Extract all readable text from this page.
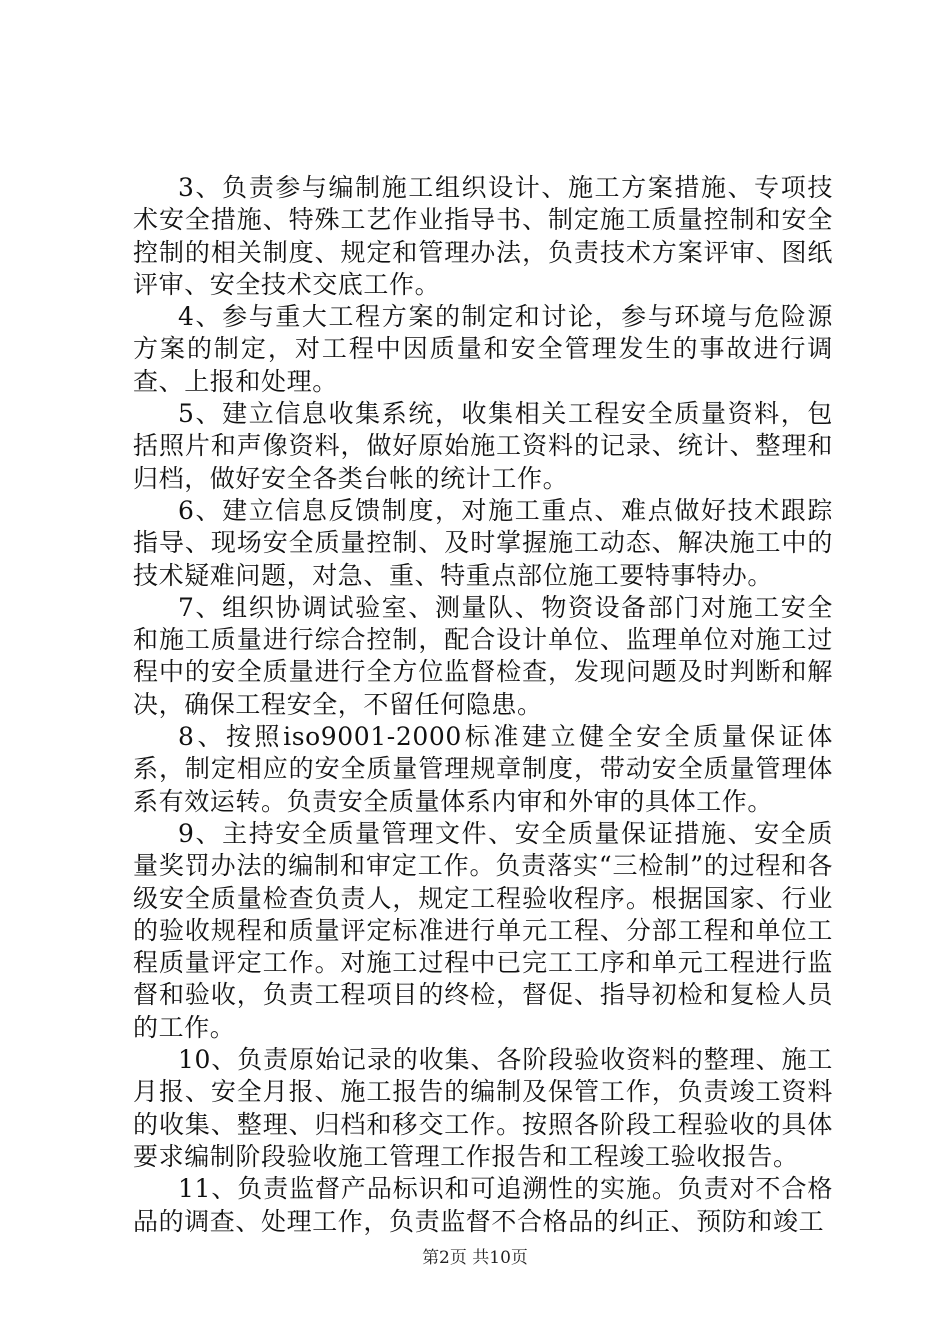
3、负责参与编制施工组织设计、施工方案措施、专项技术安全措施、特殊工艺作业指导书、制定施工质量控制和安全控制的相关制度、规定和管理办法，负责技术方案评审、图纸评审、安全技术交底工作。

4、参与重大工程方案的制定和讨论，参与环境与危险源方案的制定，对工程中因质量和安全管理发生的事故进行调查、上报和处理。

5、建立信息收集系统，收集相关工程安全质量资料，包括照片和声像资料，做好原始施工资料的记录、统计、整理和归档，做好安全各类台帐的统计工作。

6、建立信息反馈制度，对施工重点、难点做好技术跟踪指导、现场安全质量控制、及时掌握施工动态、解决施工中的技术疑难问题，对急、重、特重点部位施工要特事特办。

7、组织协调试验室、测量队、物资设备部门对施工安全和施工质量进行综合控制，配合设计单位、监理单位对施工过程中的安全质量进行全方位监督检查，发现问题及时判断和解决，确保工程安全，不留任何隐患。

8、按照iso9001-2000标准建立健全安全质量保证体系，制定相应的安全质量管理规章制度，带动安全质量管理体系有效运转。负责安全质量体系内审和外审的具体工作。

9、主持安全质量管理文件、安全质量保证措施、安全质量奖罚办法的编制和审定工作。负责落实“三检制”的过程和各级安全质量检查负责人，规定工程验收程序。根据国家、行业的验收规程和质量评定标准进行单元工程、分部工程和单位工程质量评定工作。对施工过程中已完工工序和单元工程进行监督和验收，负责工程项目的终检，督促、指导初检和复检人员的工作。

10、负责原始记录的收集、各阶段验收资料的整理、施工月报、安全月报、施工报告的编制及保管工作，负责竣工资料的收集、整理、归档和移交工作。按照各阶段工程验收的具体要求编制阶段验收施工管理工作报告和工程竣工验收报告。

11、负责监督产品标识和可追溯性的实施。负责对不合格品的调查、处理工作，负责监督不合格品的纠正、预防和竣工

第2页 共10页
